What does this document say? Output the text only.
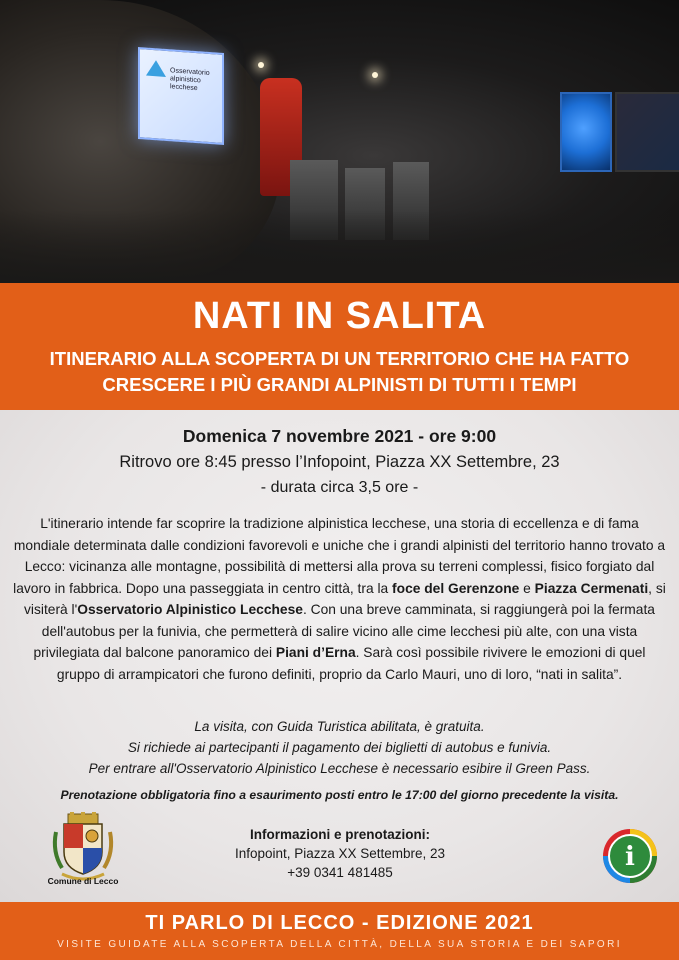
Osservatorio
alpinistico
lecchese
NATI IN SALITA
ITINERARIO ALLA SCOPERTA DI UN TERRITORIO CHE HA FATTO
CRESCERE I PIÙ GRANDI ALPINISTI DI TUTTI I TEMPI
Domenica 7 novembre 2021 - ore 9:00
Ritrovo ore 8:45 presso l’Infopoint, Piazza XX Settembre, 23
- durata circa 3,5 ore -
L'itinerario intende far scoprire la tradizione alpinistica lecchese, una storia di eccellenza e di fama mondiale determinata dalle condizioni favorevoli e uniche che i grandi alpinisti del territorio hanno trovato a Lecco: vicinanza alle montagne, possibilità di mettersi alla prova su terreni complessi, fisico forgiato dal lavoro in fabbrica. Dopo una passeggiata in centro città, tra la foce del Gerenzone e Piazza Cermenati, si visiterà l'Osservatorio Alpinistico Lecchese. Con una breve camminata, si raggiungerà poi la fermata dell'autobus per la funivia, che permetterà di salire vicino alle cime lecchesi più alte, con una vista privilegiata dal balcone panoramico dei Piani d’Erna. Sarà così possibile rivivere le emozioni di quel gruppo di arrampicatori che furono definiti, proprio da Carlo Mauri, uno di loro, “nati in salita”.
La visita, con Guida Turistica abilitata, è gratuita.
Si richiede ai partecipanti il pagamento dei biglietti di autobus e funivia.
Per entrare all'Osservatorio Alpinistico Lecchese è necessario esibire il Green Pass.
Prenotazione obbligatoria fino a esaurimento posti entro le 17:00 del giorno precedente la visita.
Comune di Lecco
Informazioni e prenotazioni:
Infopoint, Piazza XX Settembre, 23
+39 0341 481485
i
TI PARLO DI LECCO - EDIZIONE 2021
VISITE GUIDATE ALLA SCOPERTA DELLA CITTÀ, DELLA SUA STORIA E DEI SAPORI
